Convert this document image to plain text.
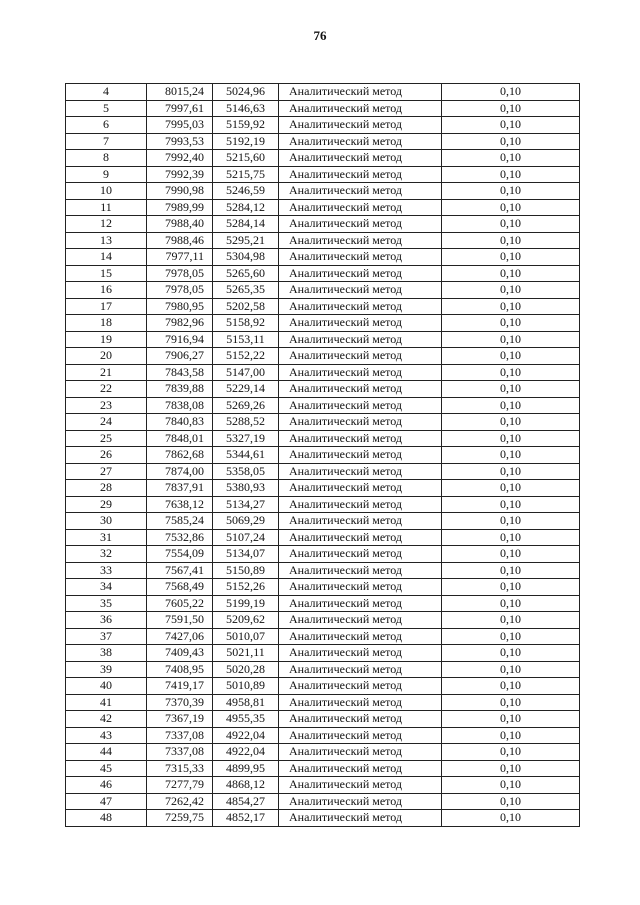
76
4	8015,24	5024,96	Аналитический метод	0,10
5	7997,61	5146,63	Аналитический метод	0,10
6	7995,03	5159,92	Аналитический метод	0,10
7	7993,53	5192,19	Аналитический метод	0,10
8	7992,40	5215,60	Аналитический метод	0,10
9	7992,39	5215,75	Аналитический метод	0,10
10	7990,98	5246,59	Аналитический метод	0,10
11	7989,99	5284,12	Аналитический метод	0,10
12	7988,40	5284,14	Аналитический метод	0,10
13	7988,46	5295,21	Аналитический метод	0,10
14	7977,11	5304,98	Аналитический метод	0,10
15	7978,05	5265,60	Аналитический метод	0,10
16	7978,05	5265,35	Аналитический метод	0,10
17	7980,95	5202,58	Аналитический метод	0,10
18	7982,96	5158,92	Аналитический метод	0,10
19	7916,94	5153,11	Аналитический метод	0,10
20	7906,27	5152,22	Аналитический метод	0,10
21	7843,58	5147,00	Аналитический метод	0,10
22	7839,88	5229,14	Аналитический метод	0,10
23	7838,08	5269,26	Аналитический метод	0,10
24	7840,83	5288,52	Аналитический метод	0,10
25	7848,01	5327,19	Аналитический метод	0,10
26	7862,68	5344,61	Аналитический метод	0,10
27	7874,00	5358,05	Аналитический метод	0,10
28	7837,91	5380,93	Аналитический метод	0,10
29	7638,12	5134,27	Аналитический метод	0,10
30	7585,24	5069,29	Аналитический метод	0,10
31	7532,86	5107,24	Аналитический метод	0,10
32	7554,09	5134,07	Аналитический метод	0,10
33	7567,41	5150,89	Аналитический метод	0,10
34	7568,49	5152,26	Аналитический метод	0,10
35	7605,22	5199,19	Аналитический метод	0,10
36	7591,50	5209,62	Аналитический метод	0,10
37	7427,06	5010,07	Аналитический метод	0,10
38	7409,43	5021,11	Аналитический метод	0,10
39	7408,95	5020,28	Аналитический метод	0,10
40	7419,17	5010,89	Аналитический метод	0,10
41	7370,39	4958,81	Аналитический метод	0,10
42	7367,19	4955,35	Аналитический метод	0,10
43	7337,08	4922,04	Аналитический метод	0,10
44	7337,08	4922,04	Аналитический метод	0,10
45	7315,33	4899,95	Аналитический метод	0,10
46	7277,79	4868,12	Аналитический метод	0,10
47	7262,42	4854,27	Аналитический метод	0,10
48	7259,75	4852,17	Аналитический метод	0,10
